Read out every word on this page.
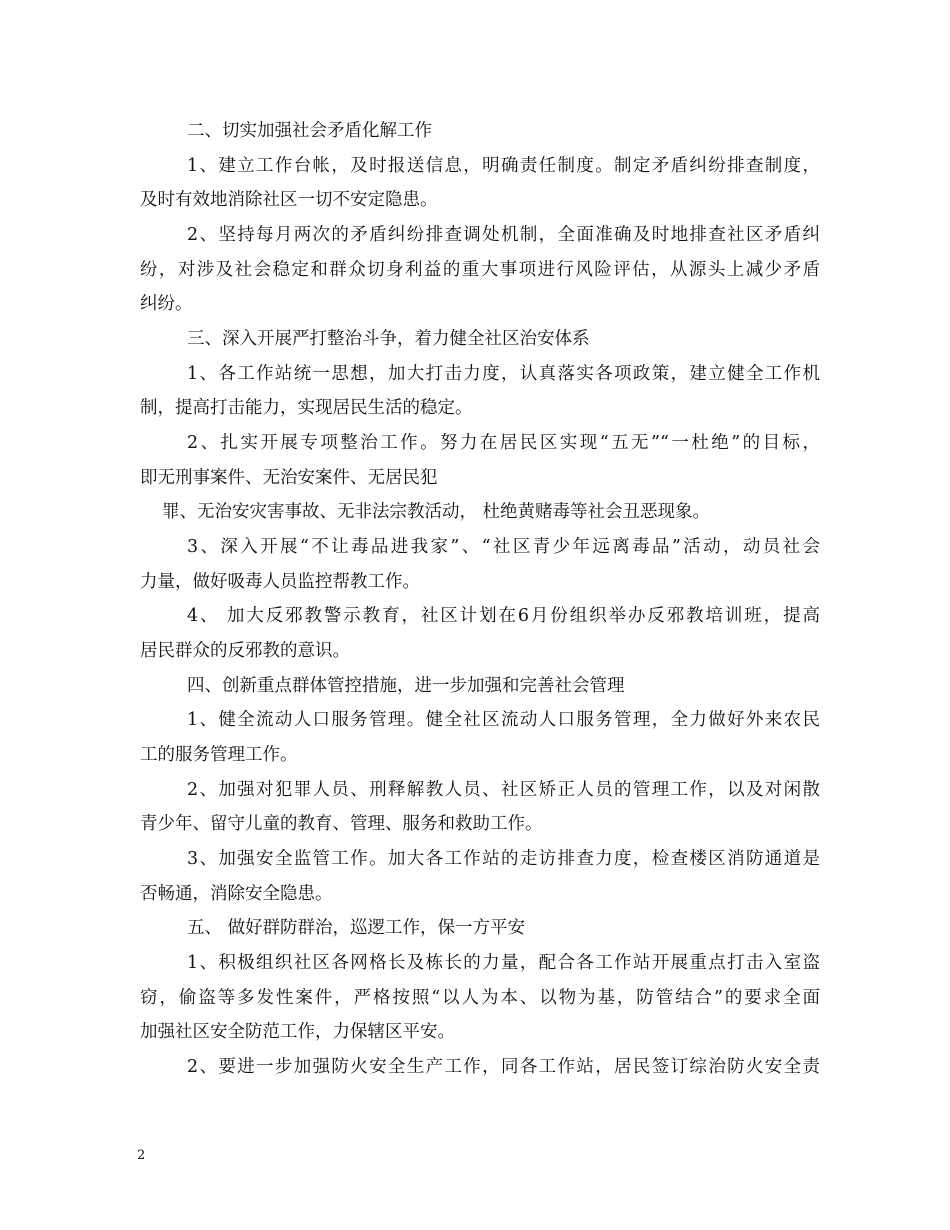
二、切实加强社会矛盾化解工作
1、建立工作台帐，及时报送信息，明确责任制度。制定矛盾纠纷排查制度，
及时有效地消除社区一切不安定隐患。
2、坚持每月两次的矛盾纠纷排查调处机制，全面准确及时地排查社区矛盾纠
纷，对涉及社会稳定和群众切身利益的重大事项进行风险评估，从源头上减少矛盾
纠纷。
三、深入开展严打整治斗争，着力健全社区治安体系
1、各工作站统一思想，加大打击力度，认真落实各项政策，建立健全工作机
制，提高打击能力，实现居民生活的稳定。
2、扎实开展专项整治工作。努力在居民区实现“五无”“一杜绝”的目标，
即无刑事案件、无治安案件、无居民犯
罪、无治安灾害事故、无非法宗教活动， 杜绝黄赌毒等社会丑恶现象。
3、深入开展“不让毒品进我家”、“社区青少年远离毒品”活动，动员社会
力量，做好吸毒人员监控帮教工作。
4、 加大反邪教警示教育，社区计划在6月份组织举办反邪教培训班，提高
居民群众的反邪教的意识。
四、创新重点群体管控措施，进一步加强和完善社会管理
1、健全流动人口服务管理。健全社区流动人口服务管理，全力做好外来农民
工的服务管理工作。
2、加强对犯罪人员、刑释解教人员、社区矫正人员的管理工作，以及对闲散
青少年、留守儿童的教育、管理、服务和救助工作。
3、加强安全监管工作。加大各工作站的走访排查力度，检查楼区消防通道是
否畅通，消除安全隐患。
五、 做好群防群治，巡逻工作，保一方平安
1、积极组织社区各网格长及栋长的力量，配合各工作站开展重点打击入室盗
窃，偷盗等多发性案件，严格按照“以人为本、以物为基，防管结合”的要求全面
加强社区安全防范工作，力保辖区平安。
2、要进一步加强防火安全生产工作，同各工作站，居民签订综治防火安全责
2
